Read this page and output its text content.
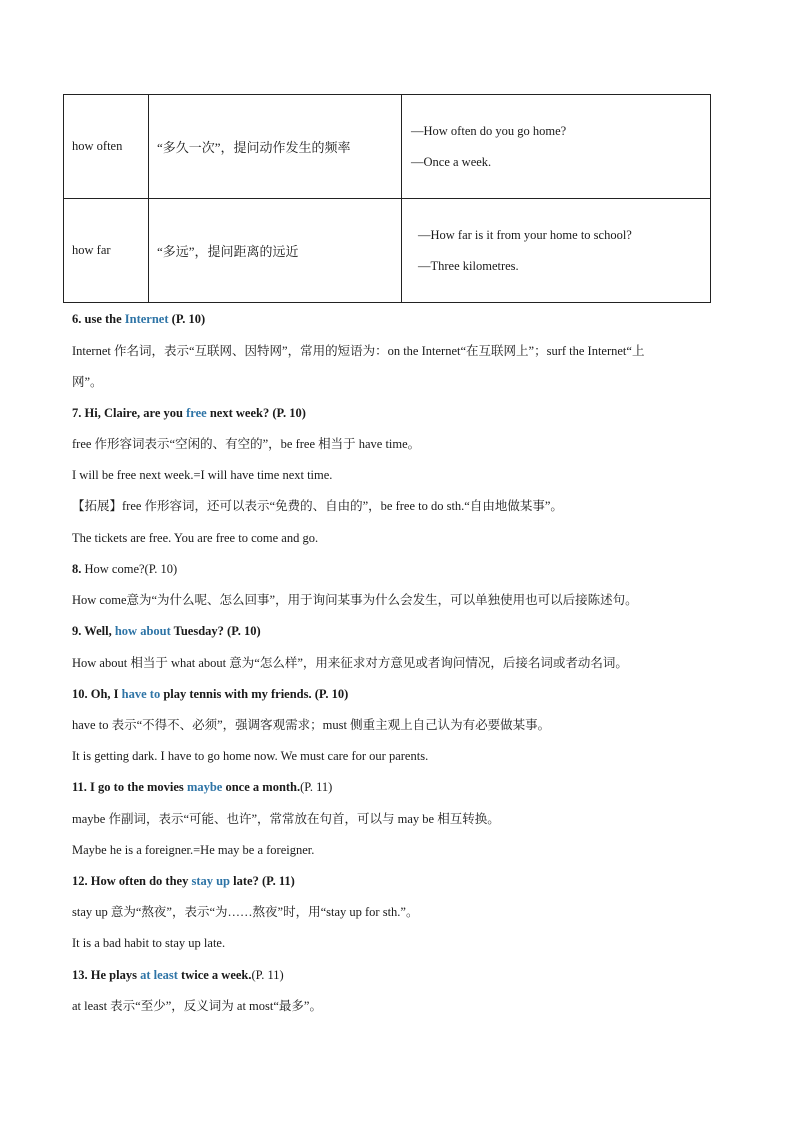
how often	“多久一次”，提问动作发生的频率	—How often do you go home?

—Once a week.

how far	“多远”，提问距离的远近	—How far is it from your home to school?

—Three kilometres.

6. use the Internet (P. 10)
Internet 作名词，表示“互联网、因特网”，常用的短语为：on the Internet“在互联网上”；surf the Internet“上
网”。
7. Hi, Claire, are you free next week? (P. 10)
free 作形容词表示“空闲的、有空的”，be free 相当于 have time。
I will be free next week.=I will have time next time.
【拓展】free 作形容词，还可以表示“免费的、自由的”，be free to do sth.“自由地做某事”。
The tickets are free. You are free to come and go.
8. How come?(P. 10)
How come意为“为什么呢、怎么回事”，用于询问某事为什么会发生，可以单独使用也可以后接陈述句。
9. Well, how about Tuesday? (P. 10)
How about 相当于 what about 意为“怎么样”，用来征求对方意见或者询问情况，后接名词或者动名词。
10. Oh, I have to play tennis with my friends. (P. 10)
have to 表示“不得不、必须”，强调客观需求；must 侧重主观上自己认为有必要做某事。
It is getting dark. I have to go home now. We must care for our parents.
11. I go to the movies maybe once a month.(P. 11)
maybe 作副词，表示“可能、也许”，常常放在句首，可以与 may be 相互转换。
Maybe he is a foreigner.=He may be a foreigner.
12. How often do they stay up late? (P. 11)
stay up 意为“熬夜”，表示“为……熬夜”时，用“stay up for sth.”。
It is a bad habit to stay up late.
13. He plays at least twice a week.(P. 11)
at least 表示“至少”，反义词为 at most“最多”。
